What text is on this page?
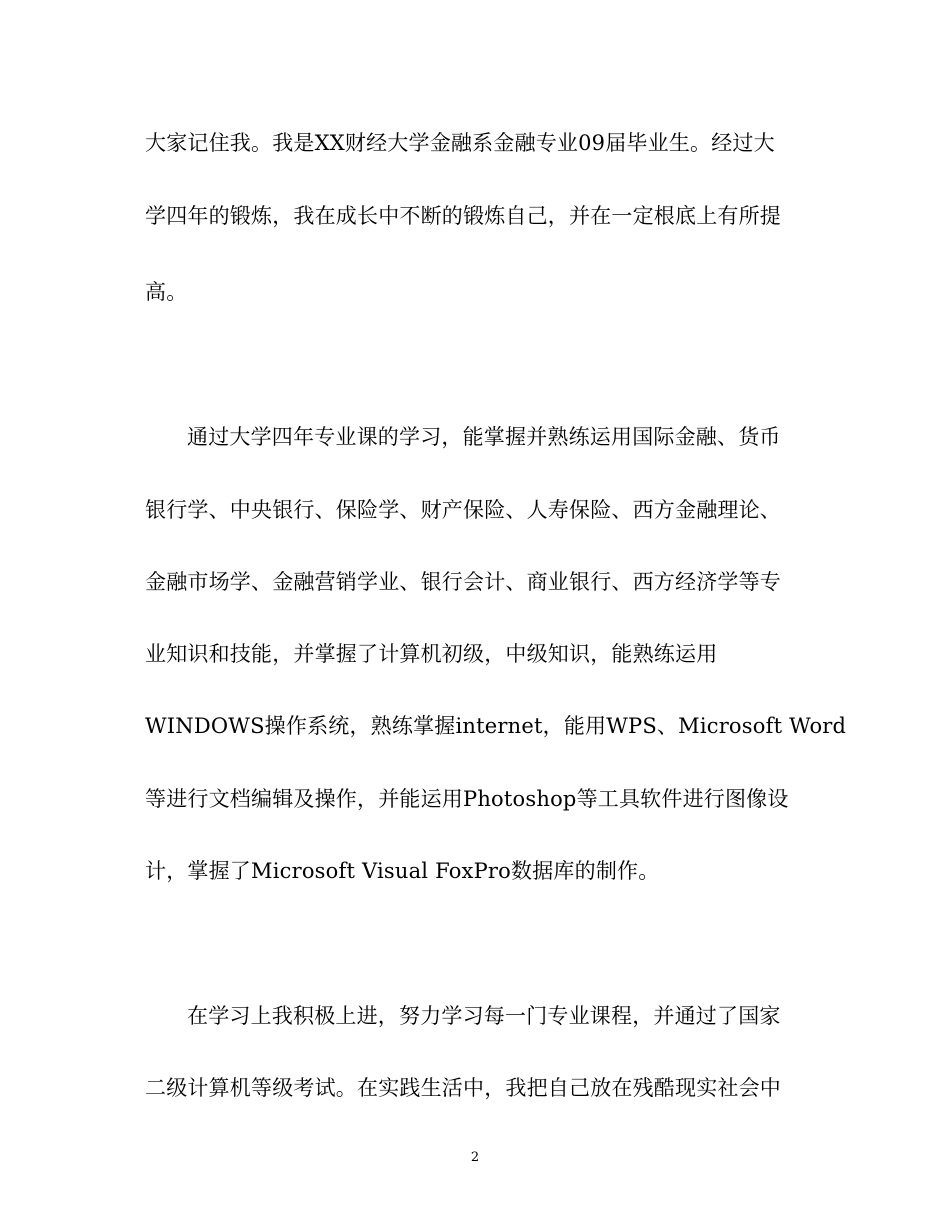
大家记住我。我是XX财经大学金融系金融专业09届毕业生。经过大
学四年的锻炼，我在成长中不断的锻炼自己，并在一定根底上有所提
高。
通过大学四年专业课的学习，能掌握并熟练运用国际金融、货币
银行学、中央银行、保险学、财产保险、人寿保险、西方金融理论、
金融市场学、金融营销学业、银行会计、商业银行、西方经济学等专
业知识和技能，并掌握了计算机初级，中级知识，能熟练运用
WINDOWS操作系统，熟练掌握internet，能用WPS、Microsoft Word
等进行文档编辑及操作，并能运用Photoshop等工具软件进行图像设
计，掌握了Microsoft Visual FoxPro数据库的制作。
在学习上我积极上进，努力学习每一门专业课程，并通过了国家
二级计算机等级考试。在实践生活中，我把自己放在残酷现实社会中
2
